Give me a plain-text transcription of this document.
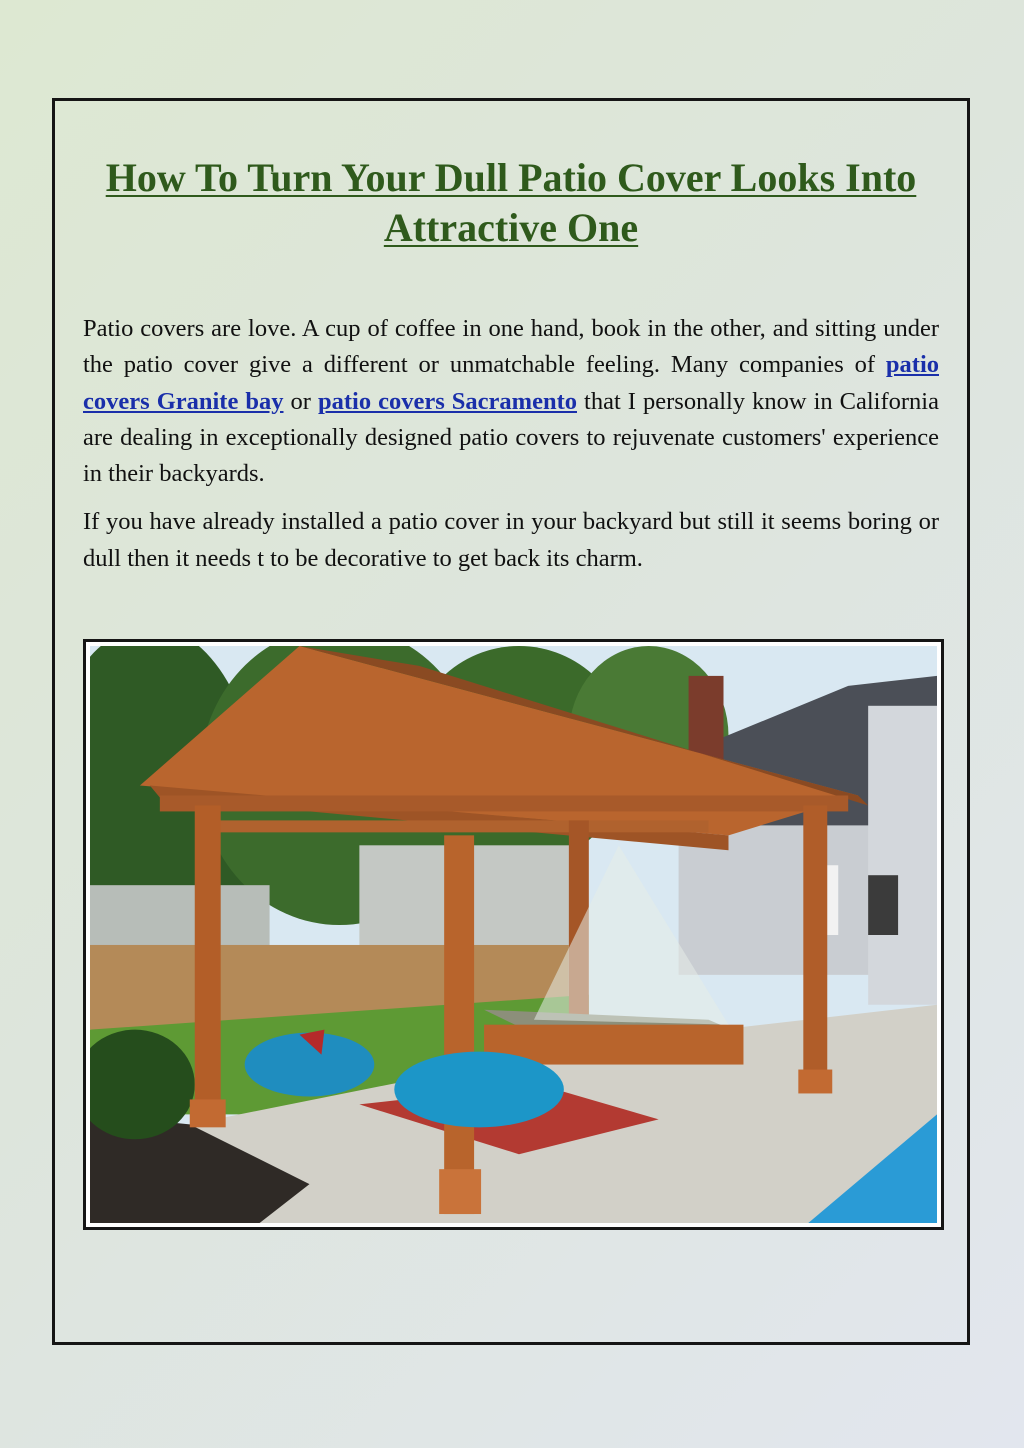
How To Turn Your Dull Patio Cover Looks Into Attractive One

Patio covers are love. A cup of coffee in one hand, book in the other, and sitting under the patio cover give a different or unmatchable feeling. Many companies of patio covers Granite bay or patio covers Sacramento that I personally know in California are dealing in exceptionally designed patio covers to rejuvenate customers' experience in their backyards.

If you have already installed a patio cover in your backyard but still it seems boring or dull then it needs t to be decorative to get back its charm.
